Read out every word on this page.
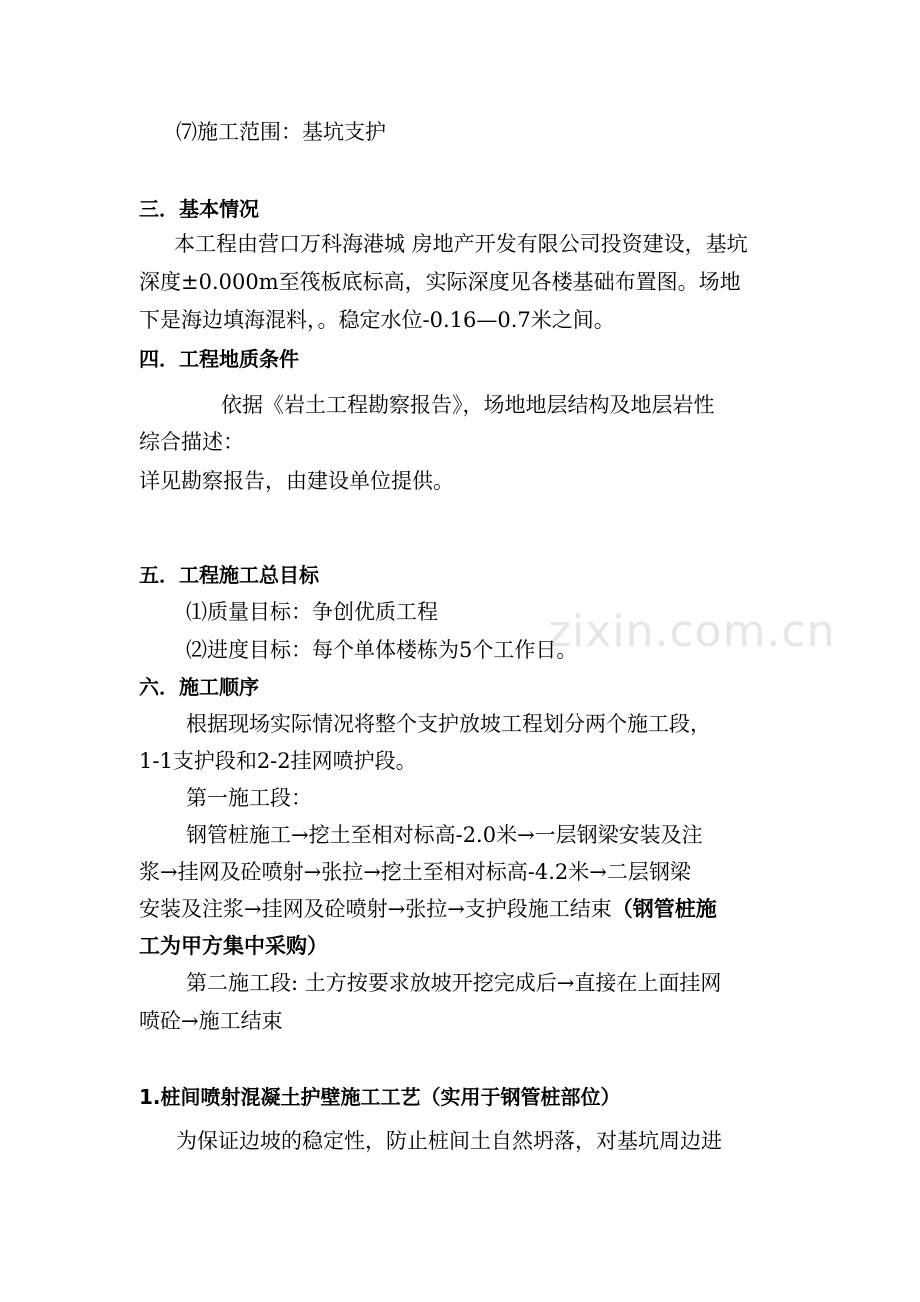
zixin.com.cn
⑺施工范围：基坑支护
三．基本情况
本工程由营口万科海港城 房地产开发有限公司投资建设，基坑
深度±0.000m至筏板底标高，实际深度见各楼基础布置图。场地
下是海边填海混料，。稳定水位-0.16—0.7米之间。
四．工程地质条件
依据《岩土工程勘察报告》，场地地层结构及地层岩性
综合描述：
详见勘察报告，由建设单位提供。
五．工程施工总目标
⑴质量目标：争创优质工程
⑵进度目标：每个单体楼栋为5个工作日。
六．施工顺序
根据现场实际情况将整个支护放坡工程划分两个施工段，
1-1支护段和2-2挂网喷护段。
第一施工段：
钢管桩施工→挖土至相对标高-2.0米→一层钢梁安装及注
浆→挂网及砼喷射→张拉→挖土至相对标高-4.2米→二层钢梁
安装及注浆→挂网及砼喷射→张拉→支护段施工结束（钢管桩施
工为甲方集中采购）
第二施工段: 土方按要求放坡开挖完成后→直接在上面挂网
喷砼→施工结束
1.桩间喷射混凝土护壁施工工艺（实用于钢管桩部位）
为保证边坡的稳定性，防止桩间土自然坍落，对基坑周边进
